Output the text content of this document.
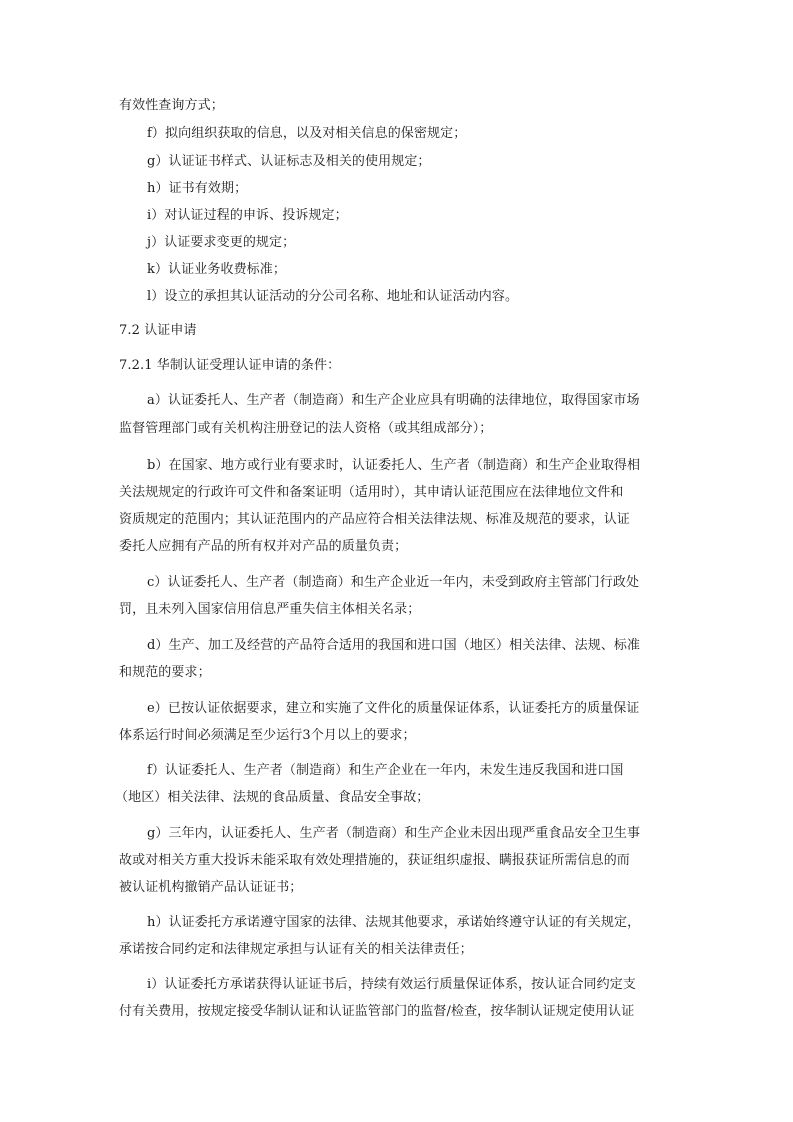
有效性查询方式；
f）拟向组织获取的信息，以及对相关信息的保密规定；
g）认证证书样式、认证标志及相关的使用规定；
h）证书有效期；
i）对认证过程的申诉、投诉规定；
j）认证要求变更的规定；
k）认证业务收费标准；
l）设立的承担其认证活动的分公司名称、地址和认证活动内容。
7.2 认证申请
7.2.1 华制认证受理认证申请的条件：
a）认证委托人、生产者（制造商）和生产企业应具有明确的法律地位，取得国家市场
监督管理部门或有关机构注册登记的法人资格（或其组成部分）；
b）在国家、地方或行业有要求时，认证委托人、生产者（制造商）和生产企业取得相
关法规规定的行政许可文件和备案证明（适用时），其申请认证范围应在法律地位文件和
资质规定的范围内；其认证范围内的产品应符合相关法律法规、标准及规范的要求，认证
委托人应拥有产品的所有权并对产品的质量负责；
c）认证委托人、生产者（制造商）和生产企业近一年内，未受到政府主管部门行政处
罚，且未列入国家信用信息严重失信主体相关名录；
d）生产、加工及经营的产品符合适用的我国和进口国（地区）相关法律、法规、标准
和规范的要求；
e）已按认证依据要求，建立和实施了文件化的质量保证体系，认证委托方的质量保证
体系运行时间必须满足至少运行3个月以上的要求；
f）认证委托人、生产者（制造商）和生产企业在一年内，未发生违反我国和进口国
（地区）相关法律、法规的食品质量、食品安全事故；
g）三年内，认证委托人、生产者（制造商）和生产企业未因出现严重食品安全卫生事
故或对相关方重大投诉未能采取有效处理措施的，获证组织虚报、瞒报获证所需信息的而
被认证机构撤销产品认证证书；
h）认证委托方承诺遵守国家的法律、法规其他要求，承诺始终遵守认证的有关规定，
承诺按合同约定和法律规定承担与认证有关的相关法律责任；
i）认证委托方承诺获得认证证书后，持续有效运行质量保证体系，按认证合同约定支
付有关费用，按规定接受华制认证和认证监管部门的监督/检查，按华制认证规定使用认证
